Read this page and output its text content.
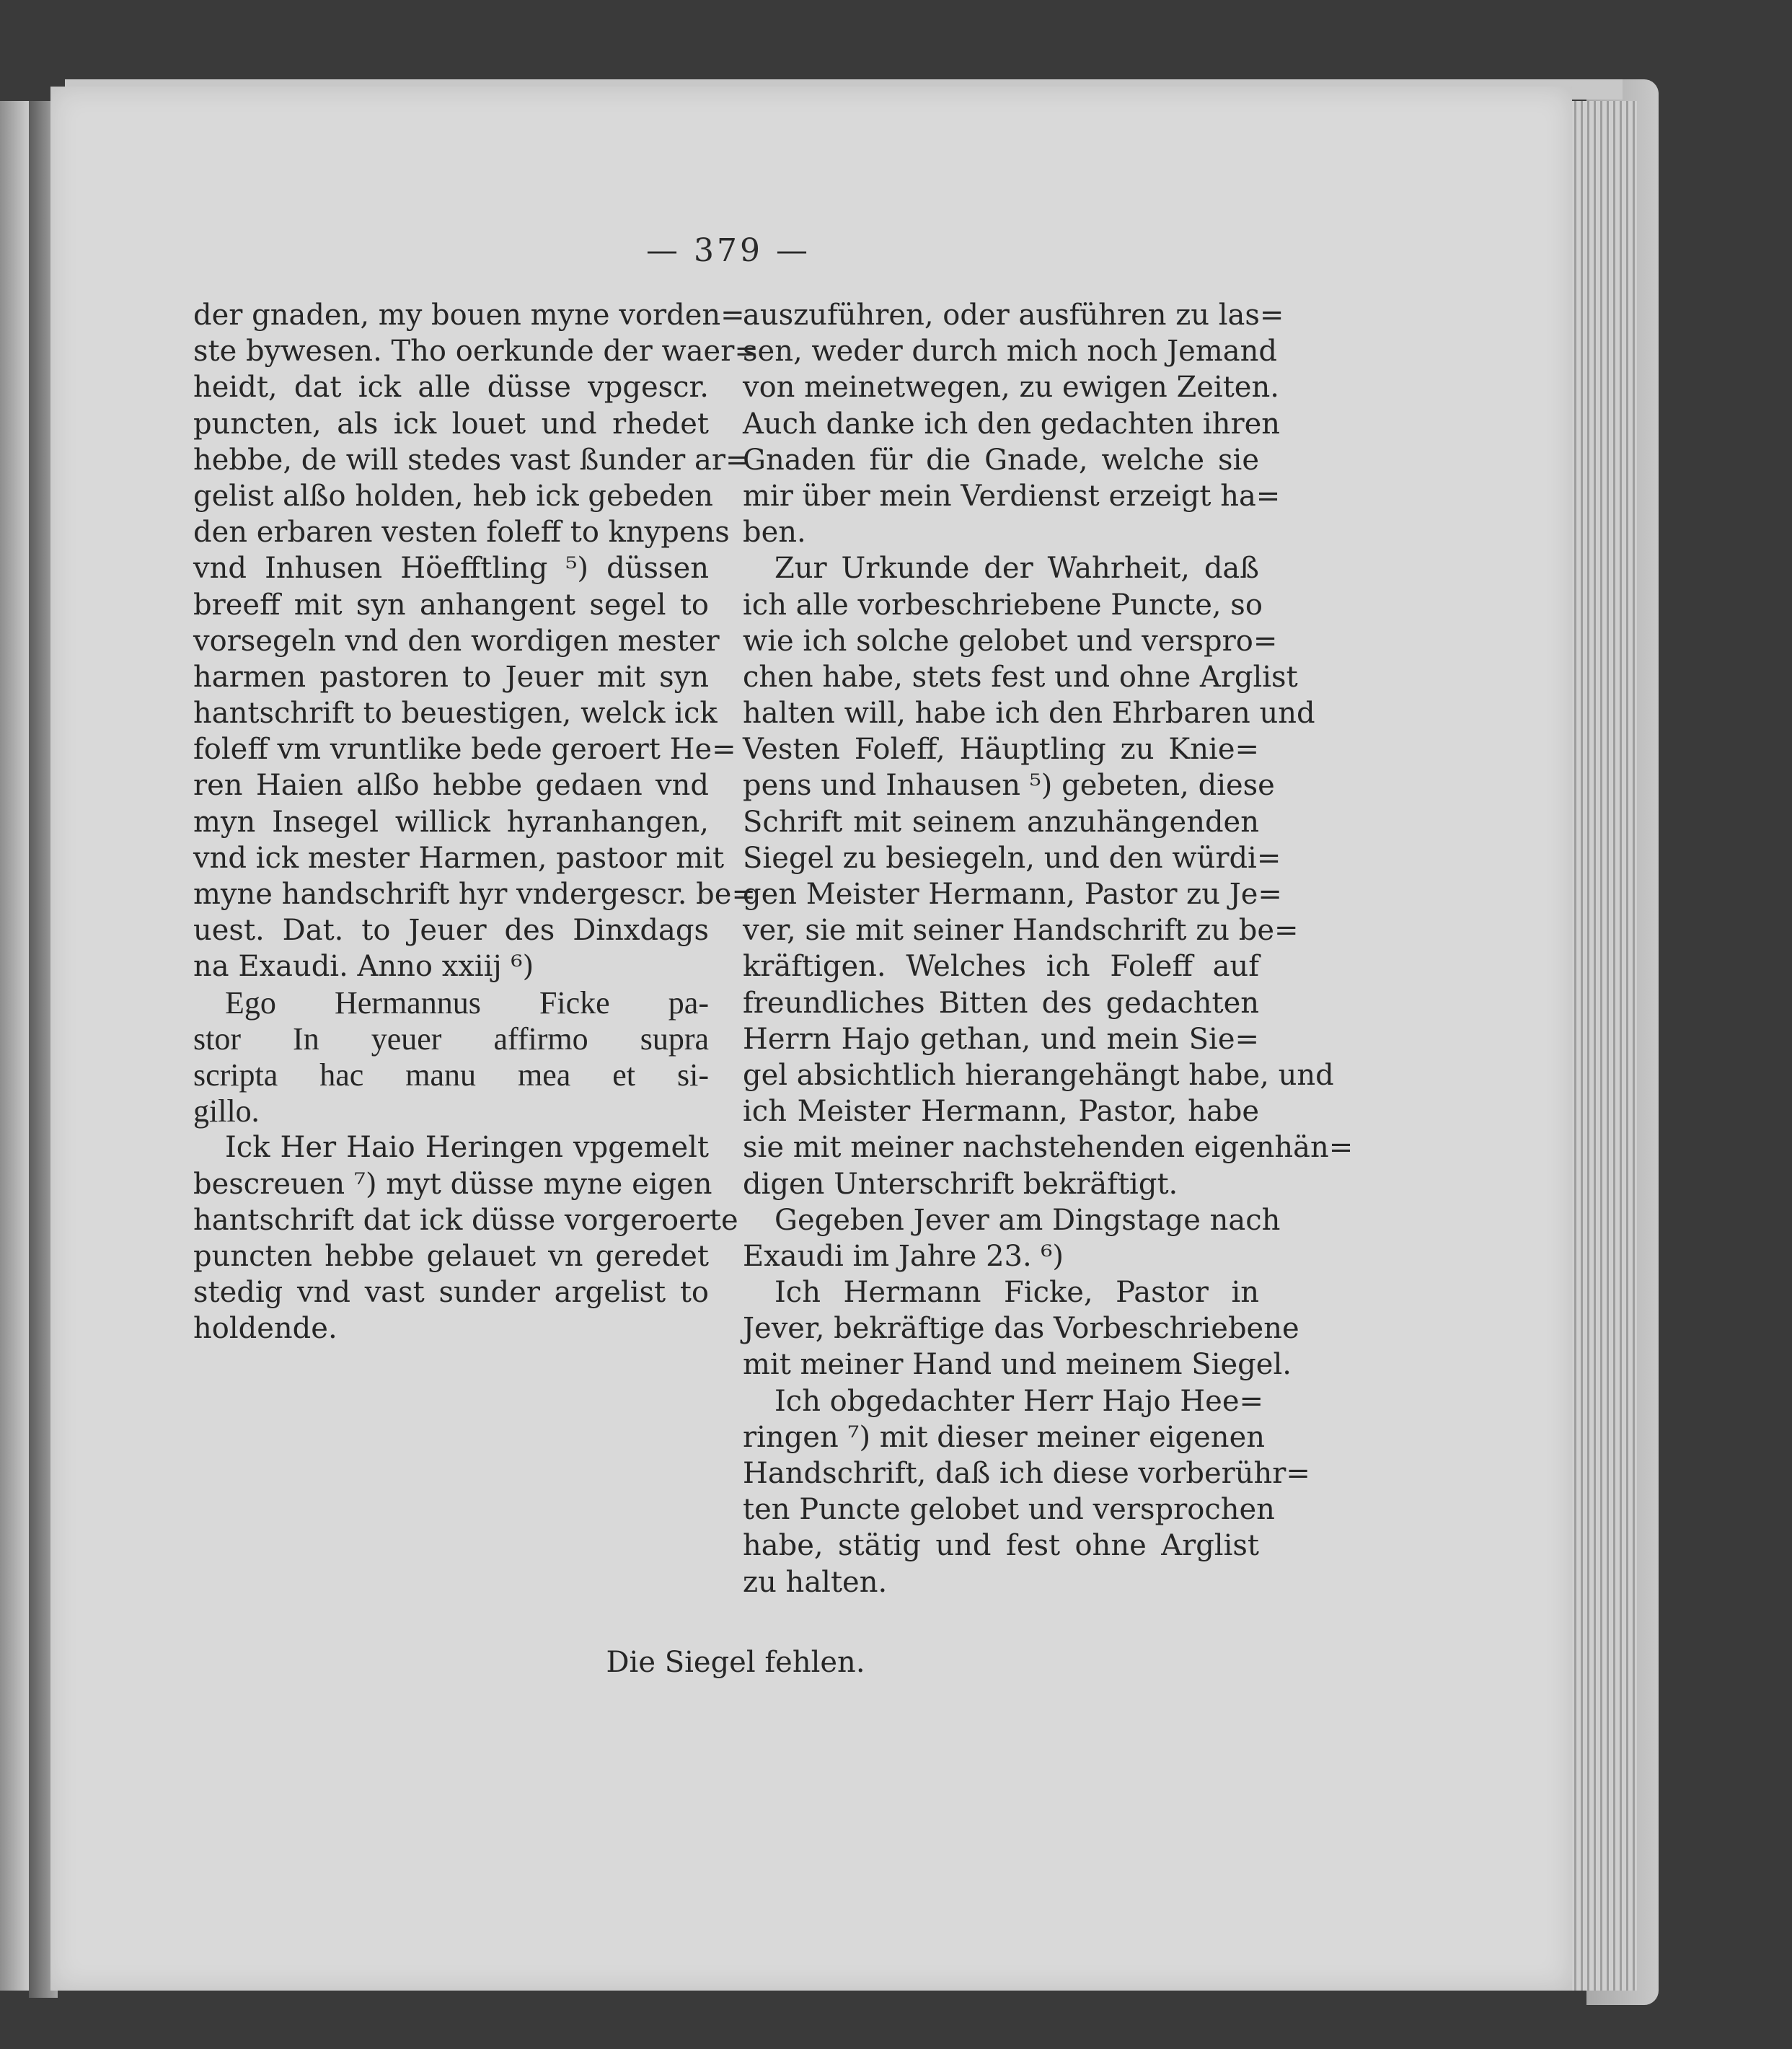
— 379 —
der gnaden, my bouen myne vorden=
ste bywesen. Tho oerkunde der waer=
heidt, dat ick alle düsse vpgescr.
puncten, als ick louet und rhedet
hebbe, de will stedes vast ßunder ar=
gelist alßo holden, heb ick gebeden
den erbaren vesten foleff to knypens
vnd Inhusen Höefftling ⁵) düssen
breeff mit syn anhangent segel to
vorsegeln vnd den wordigen mester
harmen pastoren to Jeuer mit syn
hantschrift to beuestigen, welck ick
foleff vm vruntlike bede geroert He=
ren Haien alßo hebbe gedaen vnd
myn Insegel willick hyranhangen,
vnd ick mester Harmen, pastoor mit
myne handschrift hyr vndergescr. be=
uest. Dat. to Jeuer des Dinxdags
na Exaudi. Anno xxiij ⁶)
Ego Hermannus Ficke pa-
stor In yeuer affirmo supra
scripta hac manu mea et si-
gillo.
Ick Her Haio Heringen vpgemelt
bescreuen ⁷) myt düsse myne eigen
hantschrift dat ick düsse vorgeroerte
puncten hebbe gelauet vn geredet
stedig vnd vast sunder argelist to
holdende.
auszuführen, oder ausführen zu las=
sen, weder durch mich noch Jemand
von meinetwegen, zu ewigen Zeiten.
Auch danke ich den gedachten ihren
Gnaden für die Gnade, welche sie
mir über mein Verdienst erzeigt ha=
ben.
Zur Urkunde der Wahrheit, daß
ich alle vorbeschriebene Puncte, so
wie ich solche gelobet und verspro=
chen habe, stets fest und ohne Arglist
halten will, habe ich den Ehrbaren und
Vesten Foleff, Häuptling zu Knie=
pens und Inhausen ⁵) gebeten, diese
Schrift mit seinem anzuhängenden
Siegel zu besiegeln, und den würdi=
gen Meister Hermann, Pastor zu Je=
ver, sie mit seiner Handschrift zu be=
kräftigen. Welches ich Foleff auf
freundliches Bitten des gedachten
Herrn Hajo gethan, und mein Sie=
gel absichtlich hierangehängt habe, und
ich Meister Hermann, Pastor, habe
sie mit meiner nachstehenden eigenhän=
digen Unterschrift bekräftigt.
Gegeben Jever am Dingstage nach
Exaudi im Jahre 23. ⁶)
Ich Hermann Ficke, Pastor in
Jever, bekräftige das Vorbeschriebene
mit meiner Hand und meinem Siegel.
Ich obgedachter Herr Hajo Hee=
ringen ⁷) mit dieser meiner eigenen
Handschrift, daß ich diese vorberühr=
ten Puncte gelobet und versprochen
habe, stätig und fest ohne Arglist
zu halten.
Die Siegel fehlen.
